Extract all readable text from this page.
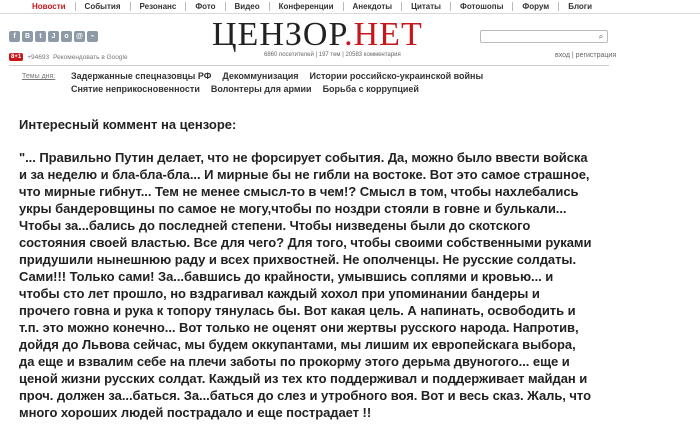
Новости	События	Резонанс	Фото	Видео	Конференции	Анекдоты	Цитаты	Фотошопы	Форум	Блоги
f	B	t	J	o	@	⌁
8+1 +94693 Рекомендовать в Google
ЦЕНЗОР.НЕТ
6860 посетителей | 197 тем | 20583 комментария
⌕
вход | регистрация
Темы дня: Задержанные спецназовцы РФ Декоммунизация Истории российско-украинской войны
Снятие неприкосновенности Волонтеры для армии Борьба с коррупцией
Интересный коммент на цензоре:
"... Правильно Путин делает, что не форсирует события. Да, можно было ввести войска
и за неделю и бла-бла-бла... И мирные бы не гибли на востоке. Вот это самое страшное,
что мирные гибнут... Тем не менее смысл-то в чем!? Смысл в том, чтобы нахлебались
укры бандеровщины по самое не могу,чтобы по ноздри стояли в говне и булькали...
Чтобы за...бались до последней степени. Чтобы низведены были до скотского
состояния своей властью. Все для чего? Для того, чтобы своими собственными руками
придушили нынешнюю раду и всех прихвостней. Не ополченцы. Не русские солдаты.
Сами!!! Только сами! За...бавшись до крайности, умывшись соплями и кровью... и
чтобы сто лет прошло, но вздрагивал каждый хохол при упоминании бандеры и
прочего говна и рука к топору тянулась бы. Вот какая цель. А напинать, освободить и
т.п. это можно конечно... Вот только не оценят они жертвы русского народа. Напротив,
дойдя до Львова сейчас, мы будем оккупантами, мы лишим их европейскага выбора,
да еще и взвалим себе на плечи заботы по прокорму этого дерьма двуногого... еще и
ценой жизни русских солдат. Каждый из тех кто поддерживал и поддерживает майдан и
проч. должен за...баться. За...баться до слез и утробного воя. Вот и весь сказ. Жаль, что
много хороших людей пострадало и еще пострадает !!
